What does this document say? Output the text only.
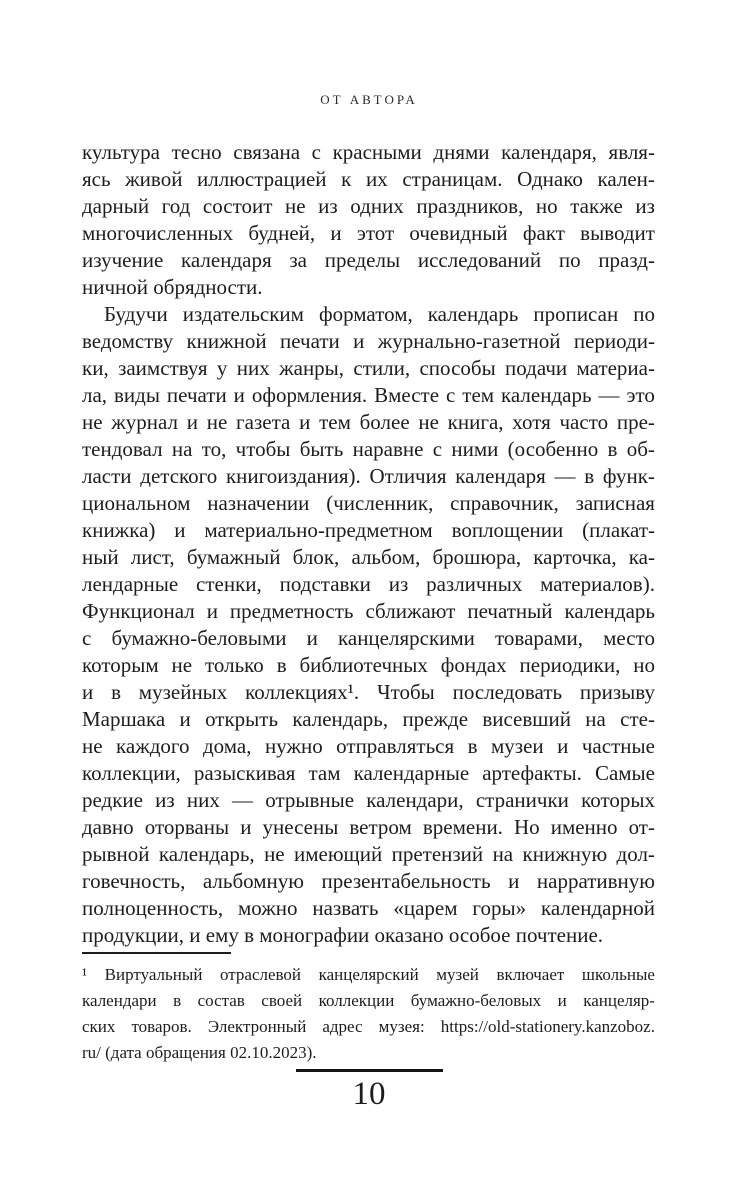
ОТ АВТОРА
культура тесно связана с красными днями календаря, явля-
ясь живой иллюстрацией к их страницам. Однако кален-
дарный год состоит не из одних праздников, но также из
многочисленных будней, и этот очевидный факт выводит
изучение календаря за пределы исследований по празд-
ничной обрядности.
Будучи издательским форматом, календарь прописан по
ведомству книжной печати и журнально-газетной периоди-
ки, заимствуя у них жанры, стили, способы подачи материа-
ла, виды печати и оформления. Вместе с тем календарь — это
не журнал и не газета и тем более не книга, хотя часто пре-
тендовал на то, чтобы быть наравне с ними (особенно в об-
ласти детского книгоиздания). Отличия календаря — в функ-
циональном назначении (численник, справочник, записная
книжка) и материально-предметном воплощении (плакат-
ный лист, бумажный блок, альбом, брошюра, карточка, ка-
лендарные стенки, подставки из различных материалов).
Функционал и предметность сближают печатный календарь
с бумажно-беловыми и канцелярскими товарами, место
которым не только в библиотечных фондах периодики, но
и в музейных коллекциях¹. Чтобы последовать призыву
Маршака и открыть календарь, прежде висевший на сте-
не каждого дома, нужно отправляться в музеи и частные
коллекции, разыскивая там календарные артефакты. Самые
редкие из них — отрывные календари, странички которых
давно оторваны и унесены ветром времени. Но именно от-
рывной календарь, не имеющий претензий на книжную дол-
говечность, альбомную презентабельность и нарративную
полноценность, можно назвать «царем горы» календарной
продукции, и ему в монографии оказано особое почтение.
¹ Виртуальный отраслевой канцелярский музей включает школьные
календари в состав своей коллекции бумажно-беловых и канцеляр-
ских товаров. Электронный адрес музея: https://old-stationery.kanzoboz.
ru/ (дата обращения 02.10.2023).
10
